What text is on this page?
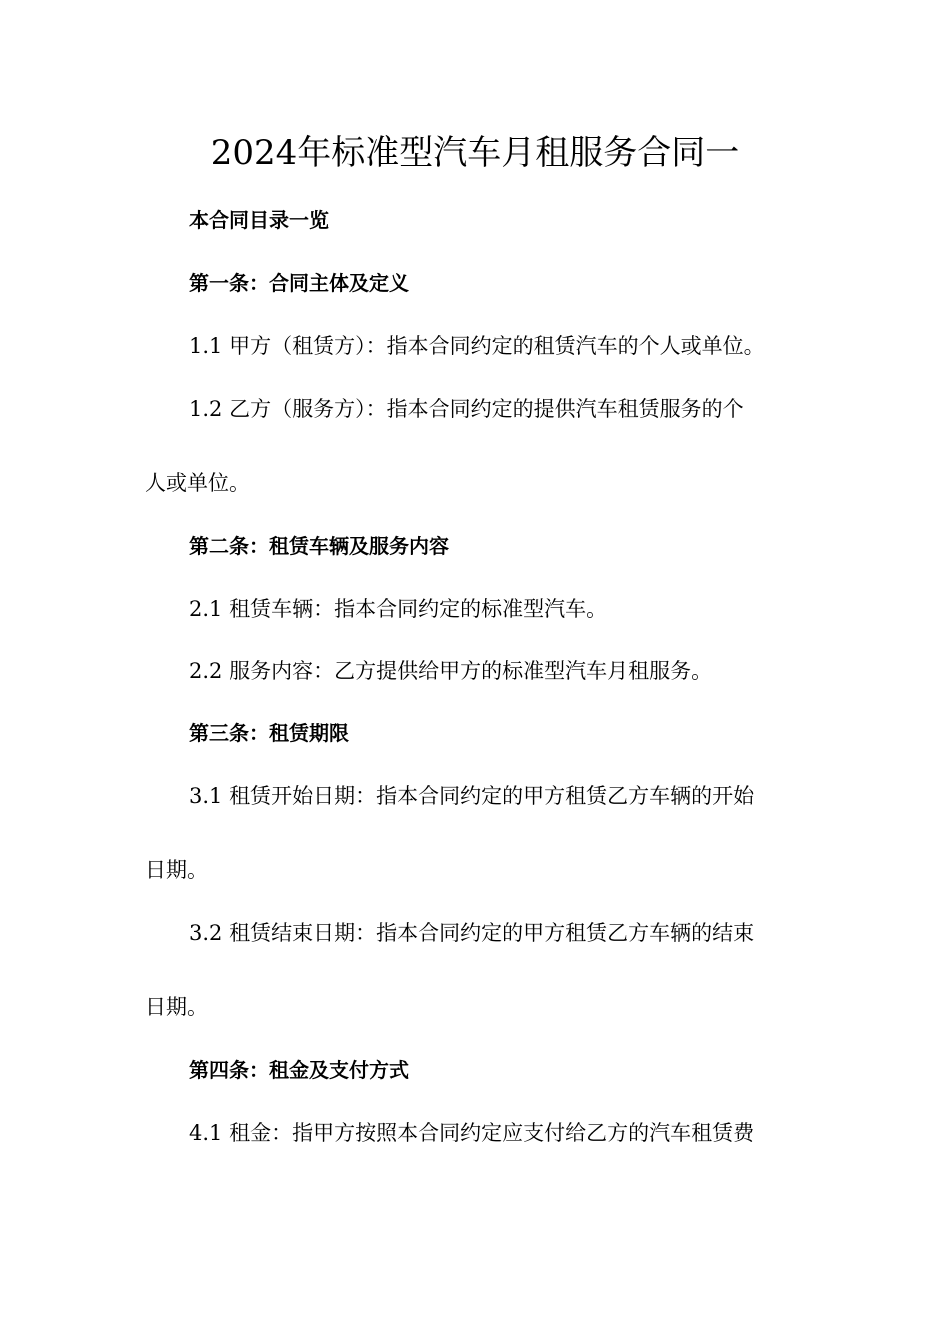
2024年标准型汽车月租服务合同一

本合同目录一览

第一条：合同主体及定义

1.1 甲方（租赁方）：指本合同约定的租赁汽车的个人或单位。

1.2 乙方（服务方）：指本合同约定的提供汽车租赁服务的个

人或单位。

第二条：租赁车辆及服务内容

2.1 租赁车辆：指本合同约定的标准型汽车。

2.2 服务内容：乙方提供给甲方的标准型汽车月租服务。

第三条：租赁期限

3.1 租赁开始日期：指本合同约定的甲方租赁乙方车辆的开始

日期。

3.2 租赁结束日期：指本合同约定的甲方租赁乙方车辆的结束

日期。

第四条：租金及支付方式

4.1 租金：指甲方按照本合同约定应支付给乙方的汽车租赁费
